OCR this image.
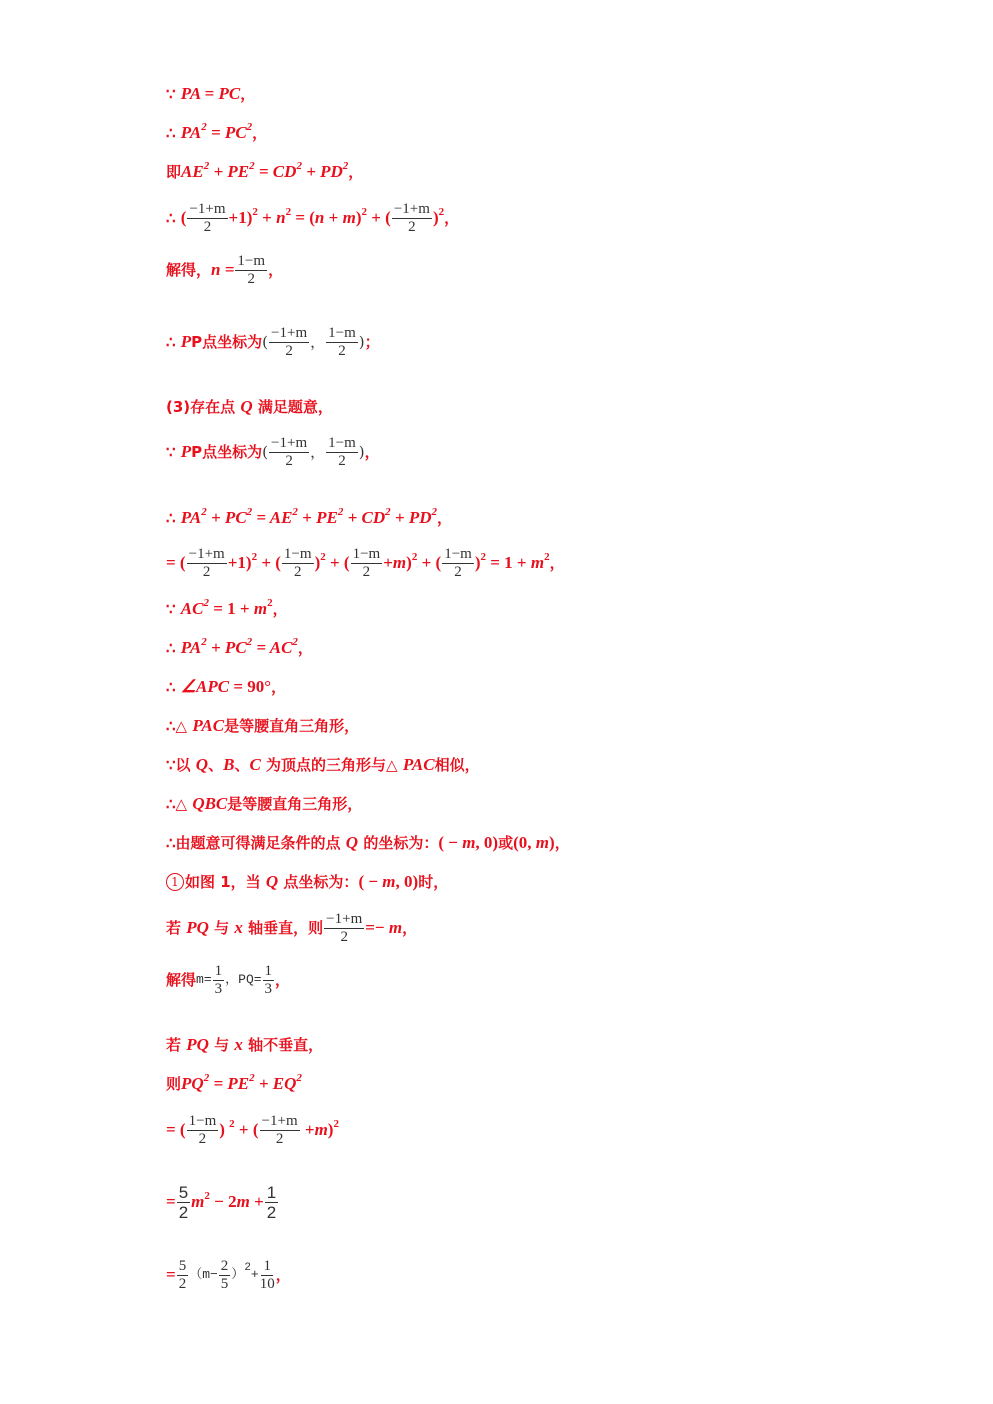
∵
PA = PC ，
∴
$PA^2 = PC^2$ ，
即 $AE^2 + PE^2 = CD^2 + PD^2$ ，
∴
( $\frac{-1+m}{2} +1)^2 + n^2 = (n + m)^2$ + ( $\frac{-1+m}{2} )^2$ ，
解得， $n = \frac{1-m}{2}$ ，
∴
P P点坐标为 ( $\frac{-1+m}{2}$ ， $\frac{1-m}{2}$ ) ；
(3)存在点
Q
满足题意，
∵
P P点坐标为 ( $\frac{-1+m}{2}$ ， $\frac{1-m}{2}$ ) ，
∴
$PA^2 + PC^2 = AE^2 + PE^2 + CD^2 + PD^2$ ，
= ( $\frac{-1+m}{2} +1)^2$ + ( $\frac{1-m}{2} )^2$ + ( $\frac{1-m}{2} +m)^2$ + ( $\frac{1-m}{2} )^2 = 1 + m^2$ ，
∵
$AC^2 = 1 + m^2$ ，
∴
$PA^2 + PC^2 = AC^2$ ，
∴
∠APC = 90° ，
∴ △ PAC 是等腰直角三角形，
∵ 以
Q 、 B 、 C
为顶点的三角形与△
PAC 相似，
∴ △ QBC 是等腰直角三角形，
∴ 由题意可得满足条件的点
Q
的坐标为： ( − m, 0) 或 (0, m) ，
1 如图 1，当
Q
点坐标为： ( − m, 0) 时，
若
PQ
与
x
轴垂直，则 $\frac{-1+m}{2} =- m$ ，
解得 $m= \frac{1}{3}$ ， $PQ= \frac{1}{3}$ ，
若
PQ
与
x
轴不垂直，
则 $PQ^2 = PE^2 + EQ^2$
= ( $\frac{1-m}{2}$ ) $^2$ + ( $\frac{-1+m}{2} +m)^2$
= $\frac{5}{2} m^2 - 2m + \frac{1}{2}$
= $\frac{5}{2} (m- \frac{2}{5}$ ） $^2+ \frac{1}{10}$ ，
